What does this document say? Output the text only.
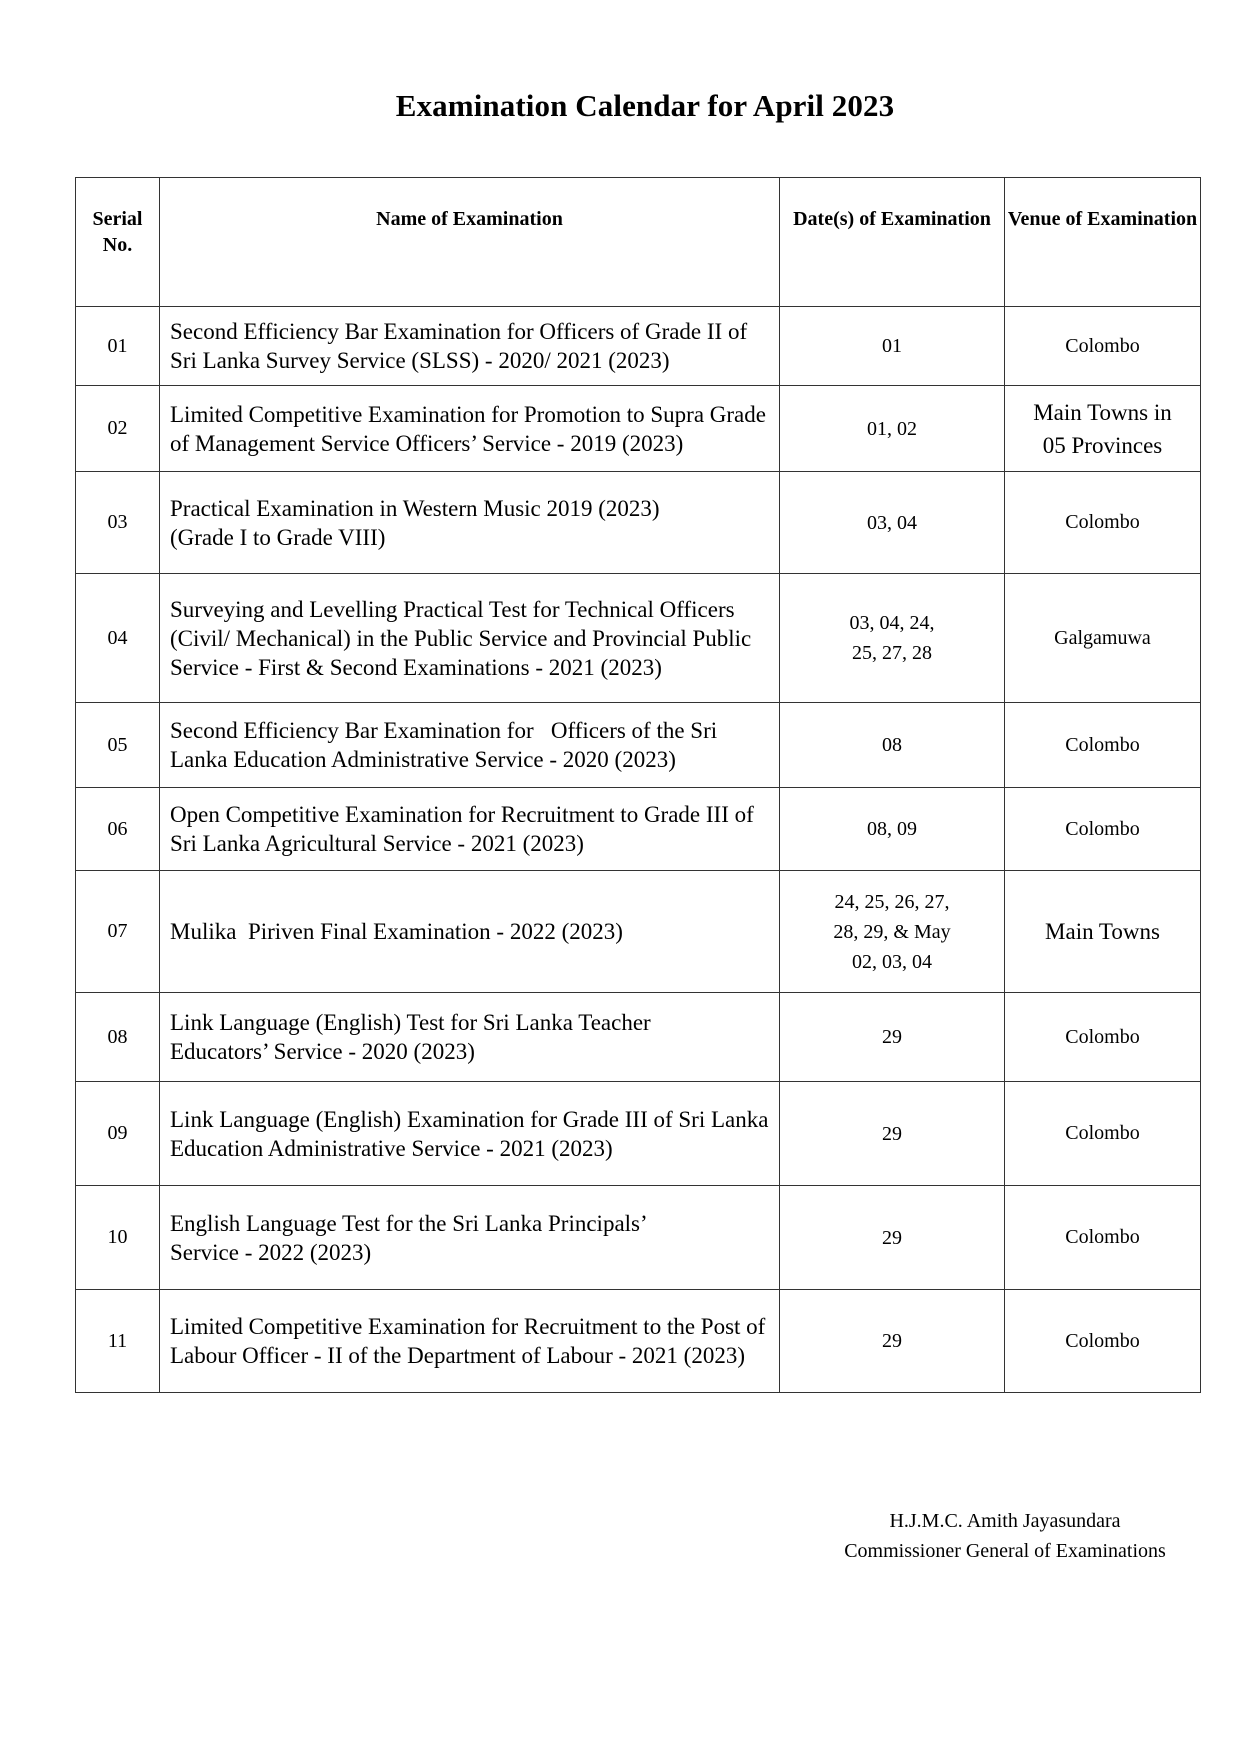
Examination Calendar for April 2023
Serial No.	Name of Examination	Date(s) of Examination	Venue of Examination
01	Second Efficiency Bar Examination for Officers of Grade II of Sri Lanka Survey Service (SLSS) - 2020/ 2021 (2023)	01	Colombo
02	Limited Competitive Examination for Promotion to Supra Grade of Management Service Officers’ Service - 2019 (2023)	01, 02	Main Towns in 05 Provinces
03	Practical Examination in Western Music 2019 (2023) (Grade I to Grade VIII)	03, 04	Colombo
04	Surveying and Levelling Practical Test for Technical Officers (Civil/ Mechanical) in the Public Service and Provincial Public Service - First & Second Examinations - 2021 (2023)	03, 04, 24, 25, 27, 28	Galgamuwa
05	Second Efficiency Bar Examination for   Officers of the Sri Lanka Education Administrative Service - 2020 (2023)	08	Colombo
06	Open Competitive Examination for Recruitment to Grade III of Sri Lanka Agricultural Service - 2021 (2023)	08, 09	Colombo
07	Mulika  Piriven Final Examination - 2022 (2023)	24, 25, 26, 27, 28, 29, & May 02, 03, 04	Main Towns
08	Link Language (English) Test for Sri Lanka Teacher Educators’ Service - 2020 (2023)	29	Colombo
09	Link Language (English) Examination for Grade III of Sri Lanka Education Administrative Service - 2021 (2023)	29	Colombo
10	English Language Test for the Sri Lanka Principals’ Service - 2022 (2023)	29	Colombo
11	Limited Competitive Examination for Recruitment to the Post of Labour Officer - II of the Department of Labour - 2021 (2023)	29	Colombo
H.J.M.C. Amith Jayasundara
Commissioner General of Examinations
